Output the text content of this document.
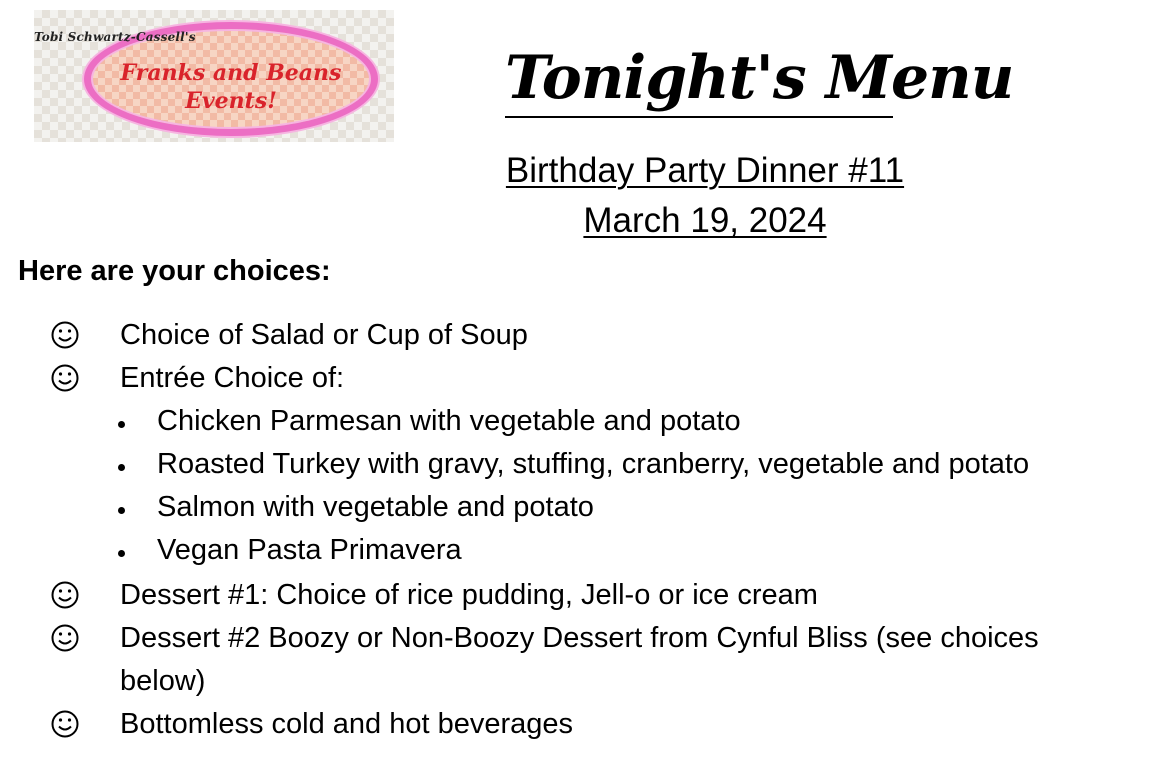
Tobi Schwartz-Cassell's
Franks and Beans
Events!	Tonight's Menu
Birthday Party Dinner #11
March 19, 2024
Here are your choices:
Choice of Salad or Cup of Soup
Entrée Choice of:
Chicken Parmesan with vegetable and potato
Roasted Turkey with gravy, stuffing, cranberry, vegetable and potato
Salmon with vegetable and potato
Vegan Pasta Primavera
Dessert #1: Choice of rice pudding, Jell-o or ice cream
Dessert #2 Boozy or Non-Boozy Dessert from Cynful Bliss (see choices
below)
Bottomless cold and hot beverages
